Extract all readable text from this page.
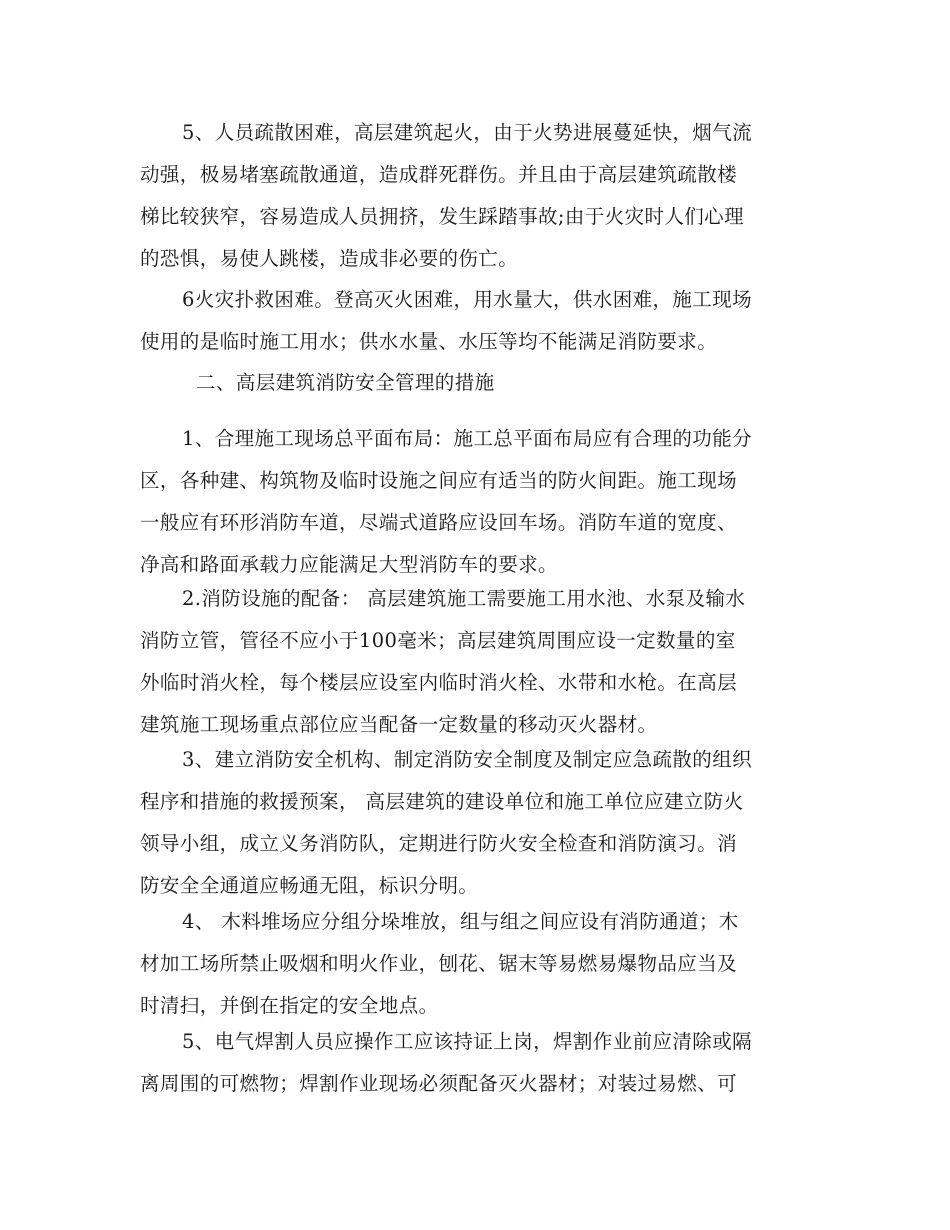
5、人员疏散困难，高层建筑起火，由于火势进展蔓延快，烟气流
动强，极易堵塞疏散通道，造成群死群伤。并且由于高层建筑疏散楼
梯比较狭窄，容易造成人员拥挤，发生踩踏事故;由于火灾时人们心理
的恐惧，易使人跳楼，造成非必要的伤亡。

6火灾扑救困难。登高灭火困难，用水量大，供水困难，施工现场
使用的是临时施工用水；供水水量、水压等均不能满足消防要求。

二、高层建筑消防安全管理的措施

1、合理施工现场总平面布局：施工总平面布局应有合理的功能分
区，各种建、构筑物及临时设施之间应有适当的防火间距。施工现场
一般应有环形消防车道，尽端式道路应设回车场。消防车道的宽度、
净高和路面承载力应能满足大型消防车的要求。

2.消防设施的配备： 高层建筑施工需要施工用水池、水泵及输水
消防立管，管径不应小于100毫米；高层建筑周围应设一定数量的室
外临时消火栓，每个楼层应设室内临时消火栓、水带和水枪。在高层
建筑施工现场重点部位应当配备一定数量的移动灭火器材。

3、建立消防安全机构、制定消防安全制度及制定应急疏散的组织
程序和措施的救援预案， 高层建筑的建设单位和施工单位应建立防火
领导小组，成立义务消防队，定期进行防火安全检查和消防演习。消
防安全全通道应畅通无阻，标识分明。

4、 木料堆场应分组分垛堆放，组与组之间应设有消防通道；木
材加工场所禁止吸烟和明火作业，刨花、锯末等易燃易爆物品应当及
时清扫，并倒在指定的安全地点。

5、电气焊割人员应操作工应该持证上岗，焊割作业前应清除或隔
离周围的可燃物；焊割作业现场必须配备灭火器材；对装过易燃、可
